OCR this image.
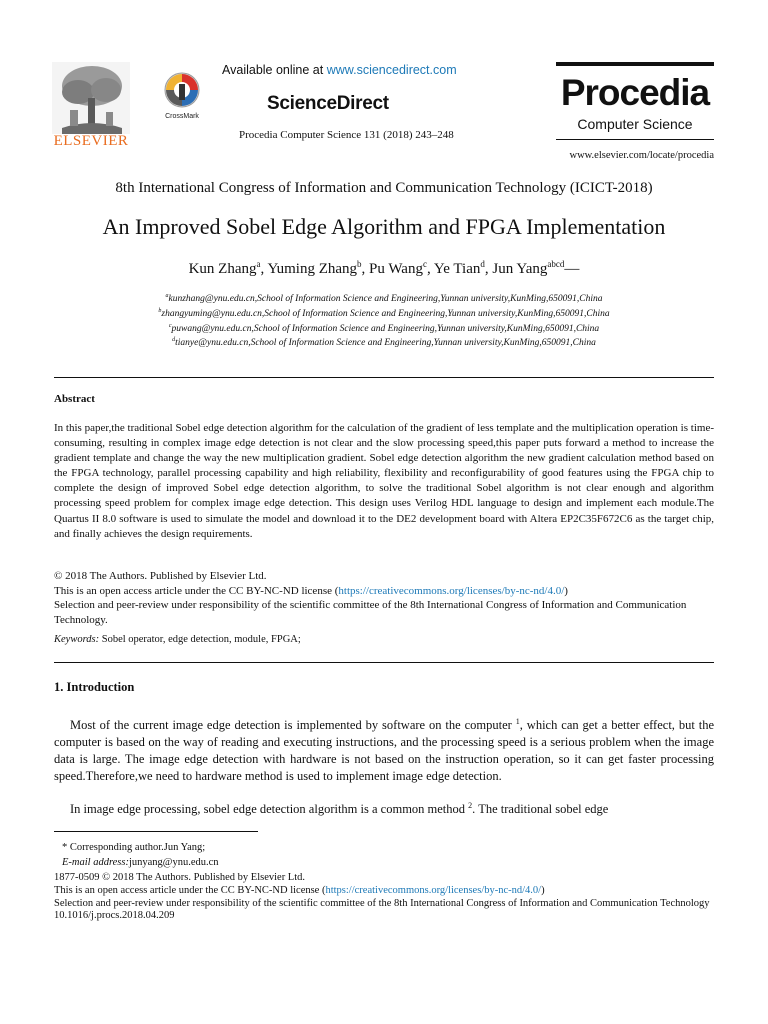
ELSEVIER
CrossMark
Available online at www.sciencedirect.com
ScienceDirect
Procedia Computer Science 131 (2018) 243–248
Procedia
Computer Science
www.elsevier.com/locate/procedia
8th International Congress of Information and Communication Technology (ICICT-2018)
An Improved Sobel Edge Algorithm and FPGA Implementation
Kun Zhang$^a$, Yuming Zhang$^b$, Pu Wang$^c$, Ye Tian$^d$, Jun Yang$^{abcd}$—
$^a$kunzhang@ynu.edu.cn,School of Information Science and Engineering,Yunnan university,KunMing,650091,China
$^b$zhangyuming@ynu.edu.cn,School of Information Science and Engineering,Yunnan university,KunMing,650091,China
$^c$puwang@ynu.edu.cn,School of Information Science and Engineering,Yunnan university,KunMing,650091,China
$^d$tianye@ynu.edu.cn,School of Information Science and Engineering,Yunnan university,KunMing,650091,China
Abstract
In this paper,the traditional Sobel edge detection algorithm for the calculation of the gradient of less template and the multiplication operation is time-consuming, resulting in complex image edge detection is not clear and the slow processing speed,this paper puts forward a method to increase the gradient template and change the way the new multiplication gradient. Sobel edge detection algorithm the new gradient calculation method based on the FPGA technology, parallel processing capability and high reliability, flexibility and reconfigurability of good features using the FPGA chip to complete the design of improved Sobel edge detection algorithm, to solve the traditional Sobel algorithm is not clear enough and algorithm processing speed problem for complex image edge detection. This design uses Verilog HDL language to design and implement each module.The Quartus II 8.0 software is used to simulate the model and download it to the DE2 development board with Altera EP2C35F672C6 as the target chip, and finally achieves the design requirements.
© 2018 The Authors. Published by Elsevier Ltd.
This is an open access article under the CC BY-NC-ND license (https://creativecommons.org/licenses/by-nc-nd/4.0/)
Selection and peer-review under responsibility of the scientific committee of the 8th International Congress of Information and Communication Technology.
Keywords: Sobel operator, edge detection, module, FPGA;
1. Introduction
Most of the current image edge detection is implemented by software on the computer $^1$, which can get a better effect, but the computer is based on the way of reading and executing instructions, and the processing speed is a serious problem when the image data is large. The image edge detection with hardware is not based on the instruction operation, so it can get faster processing speed.Therefore,we need to hardware method is used to implement image edge detection.
In image edge processing, sobel edge detection algorithm is a common method $^2$. The traditional sobel edge
* Corresponding author.Jun Yang;
E-mail address:junyang@ynu.edu.cn
1877-0509 © 2018 The Authors. Published by Elsevier Ltd.
This is an open access article under the CC BY-NC-ND license (https://creativecommons.org/licenses/by-nc-nd/4.0/)
Selection and peer-review under responsibility of the scientific committee of the 8th International Congress of Information and Communication Technology
10.1016/j.procs.2018.04.209
